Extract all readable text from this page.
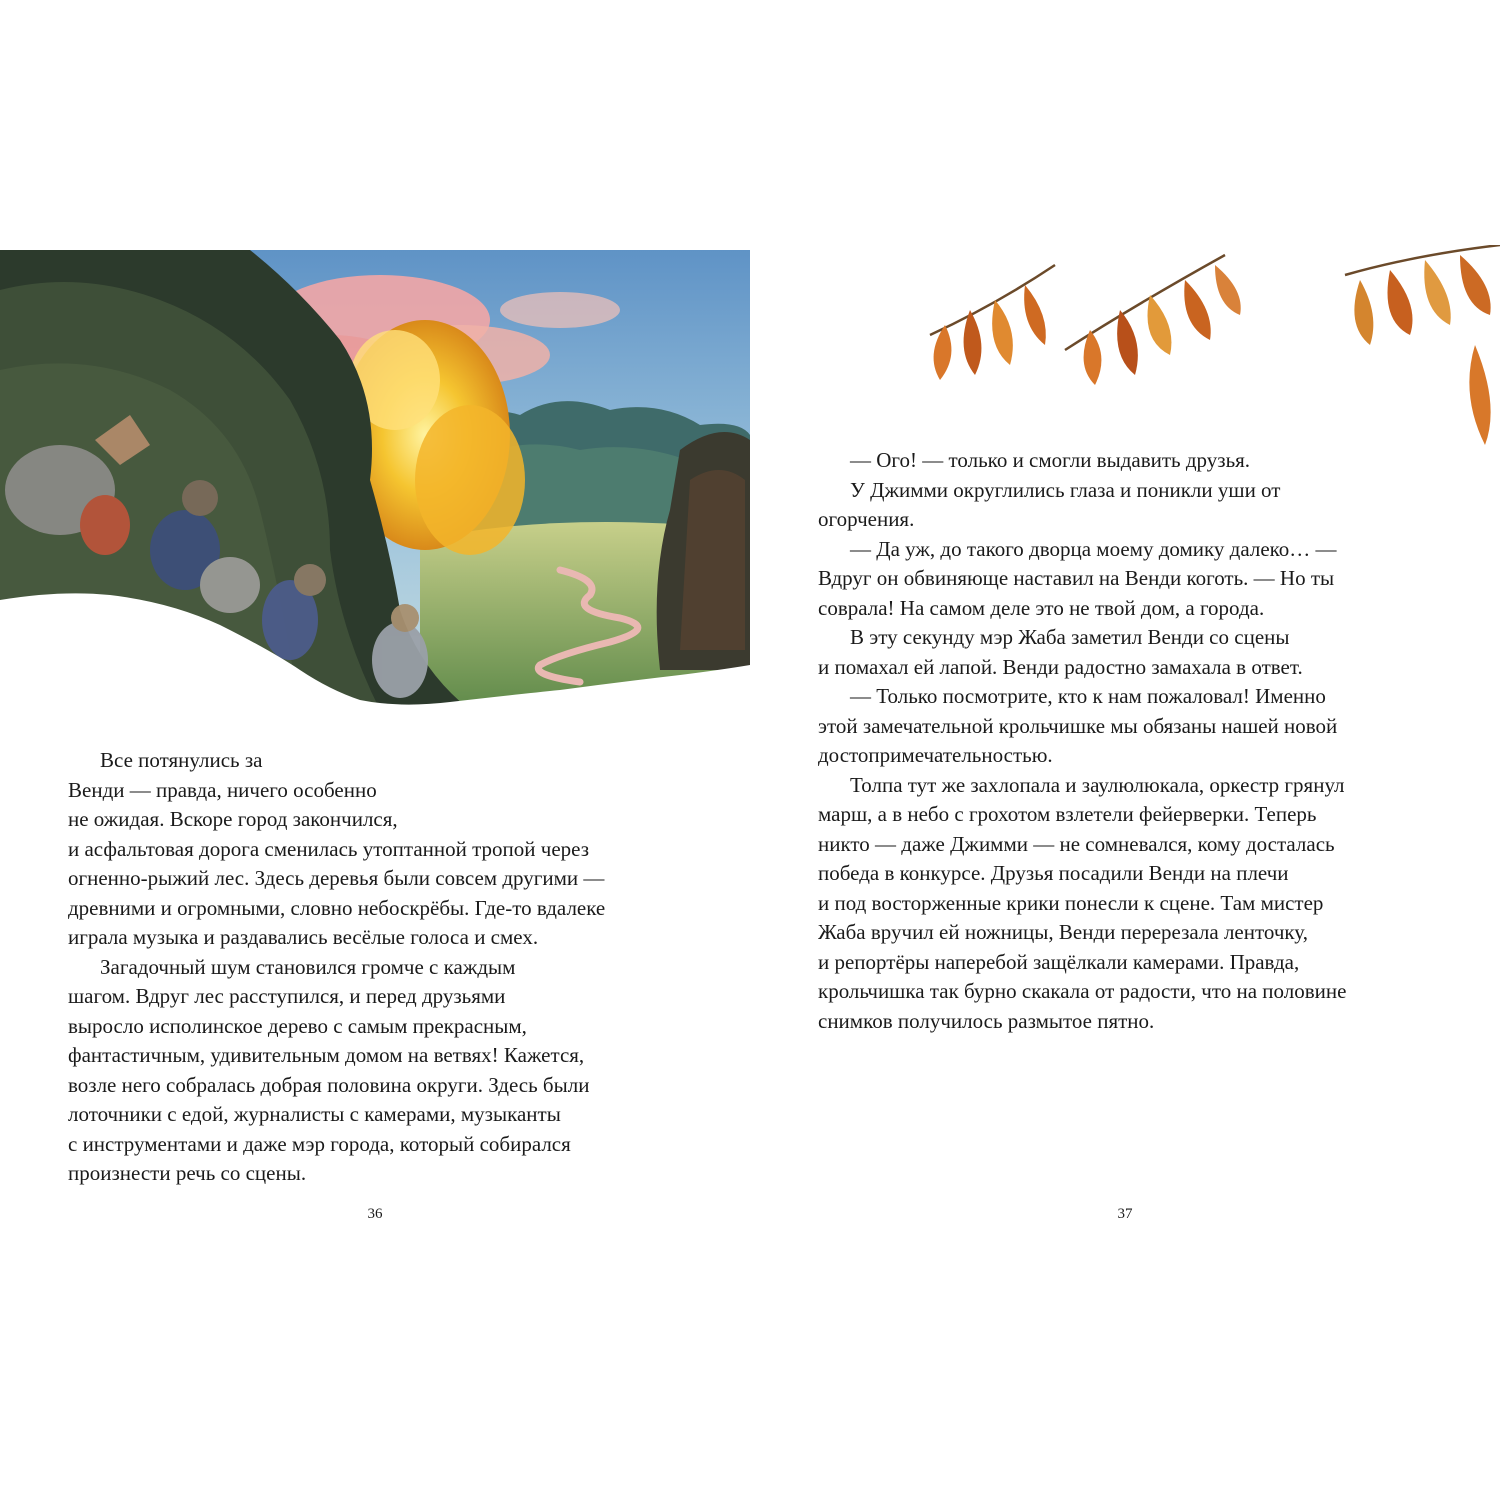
Все потянулись за
Венди — правда, ничего особенно
не ожидая. Вскоре город закончился,
и асфальтовая дорога сменилась утоптанной тропой через
огненно-рыжий лес. Здесь деревья были совсем другими —
древними и огромными, словно небоскрёбы. Где-то вдалеке
играла музыка и раздавались весёлые голоса и смех.
Загадочный шум становился громче с каждым
шагом. Вдруг лес расступился, и перед друзьями
выросло исполинское дерево с самым прекрасным,
фантастичным, удивительным домом на ветвях! Кажется,
возле него собралась добрая половина округи. Здесь были
лоточники с едой, журналисты с камерами, музыканты
с инструментами и даже мэр города, который собирался
произнести речь со сцены.
— Ого! — только и смогли выдавить друзья.
У Джимми округлились глаза и поникли уши от
огорчения.
— Да уж, до такого дворца моему домику далеко… —
Вдруг он обвиняюще наставил на Венди коготь. — Но ты
соврала! На самом деле это не твой дом, а города.
В эту секунду мэр Жаба заметил Венди со сцены
и помахал ей лапой. Венди радостно замахала в ответ.
— Только посмотрите, кто к нам пожаловал! Именно
этой замечательной крольчишке мы обязаны нашей новой
достопримечательностью.
Толпа тут же захлопала и заулюлюкала, оркестр грянул
марш, а в небо с грохотом взлетели фейерверки. Теперь
никто — даже Джимми — не сомневался, кому досталась
победа в конкурсе. Друзья посадили Венди на плечи
и под восторженные крики понесли к сцене. Там мистер
Жаба вручил ей ножницы, Венди перерезала ленточку,
и репортёры наперебой защёлкали камерами. Правда,
крольчишка так бурно скакала от радости, что на половине
снимков получилось размытое пятно.
36	37
